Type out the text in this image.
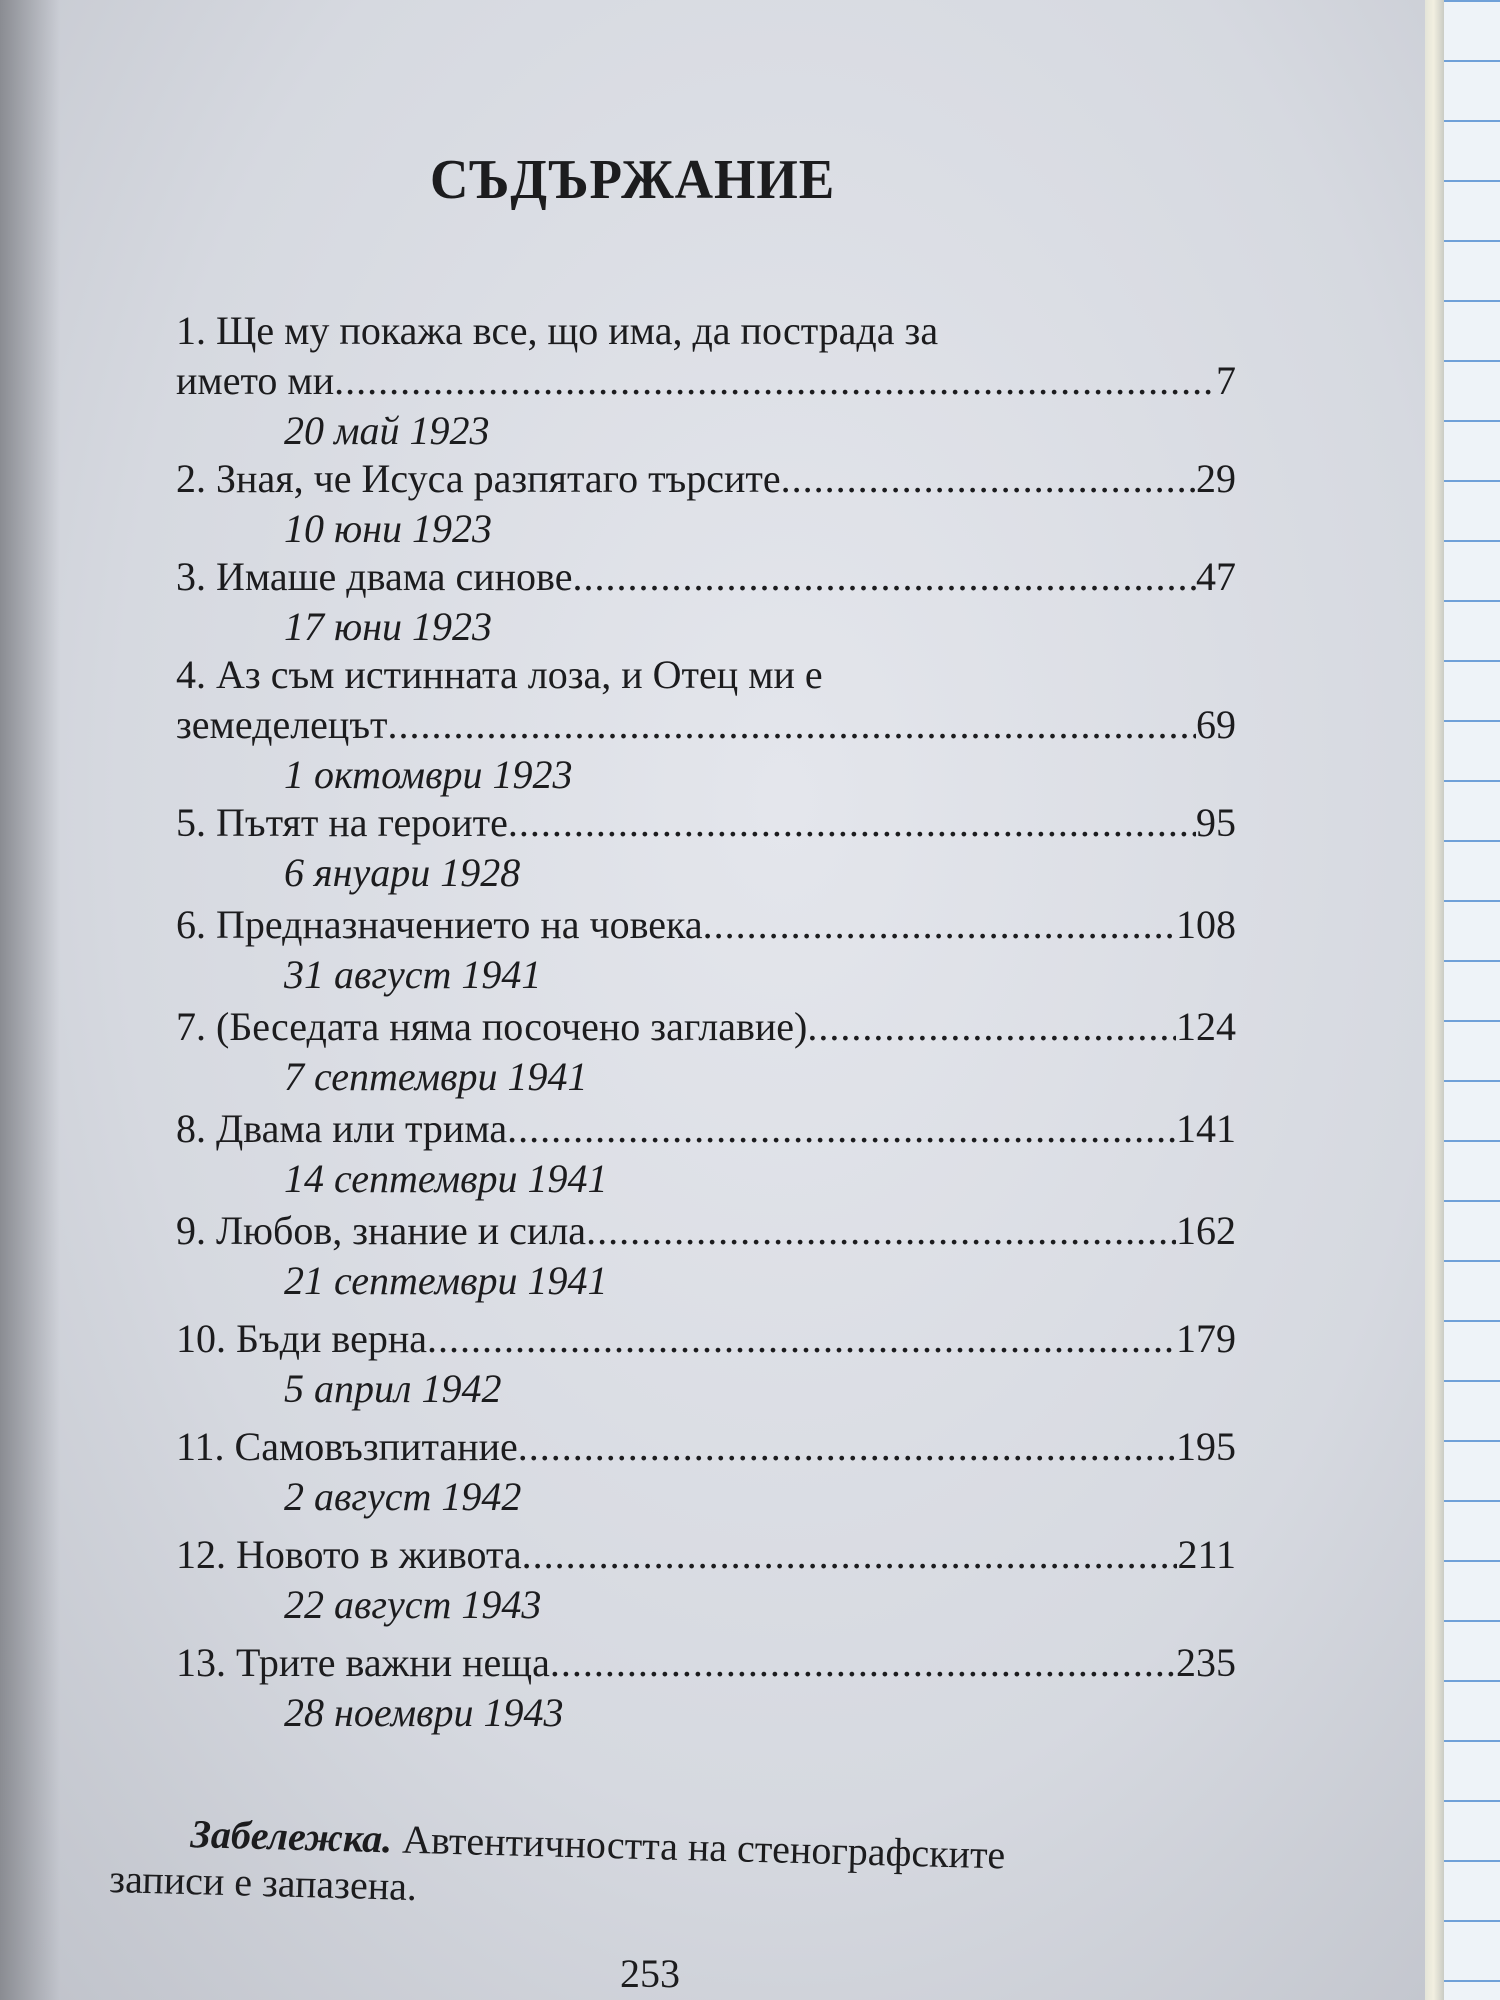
СЪДЪРЖАНИЕ
1. Ще му покажа все, що има, да пострада за
името ми .....	7
20 май 1923
2. Зная, че Исуса разпятаго търсите .....	29
10 юни 1923
3. Имаше двама синове .....	47
17 юни 1923
4. Аз съм истинната лоза, и Отец ми е
земеделецът .....	69
1 октомври 1923
5. Пътят на героите .....	95
6 януари 1928
6. Предназначението на човека .....	108
31 август 1941
7. (Беседата няма посочено заглавие) .....	124
7 септември 1941
8. Двама или трима .....	141
14 септември 1941
9. Любов, знание и сила .....	162
21 септември 1941
10. Бъди верна .....	179
5 април 1942
11. Самовъзпитание .....	195
2 август 1942
12. Новото в живота .....	211
22 август 1943
13. Трите важни неща .....	235
28 ноември 1943
Забележка. Автентичността на стенографските
записи е запазена.
253
